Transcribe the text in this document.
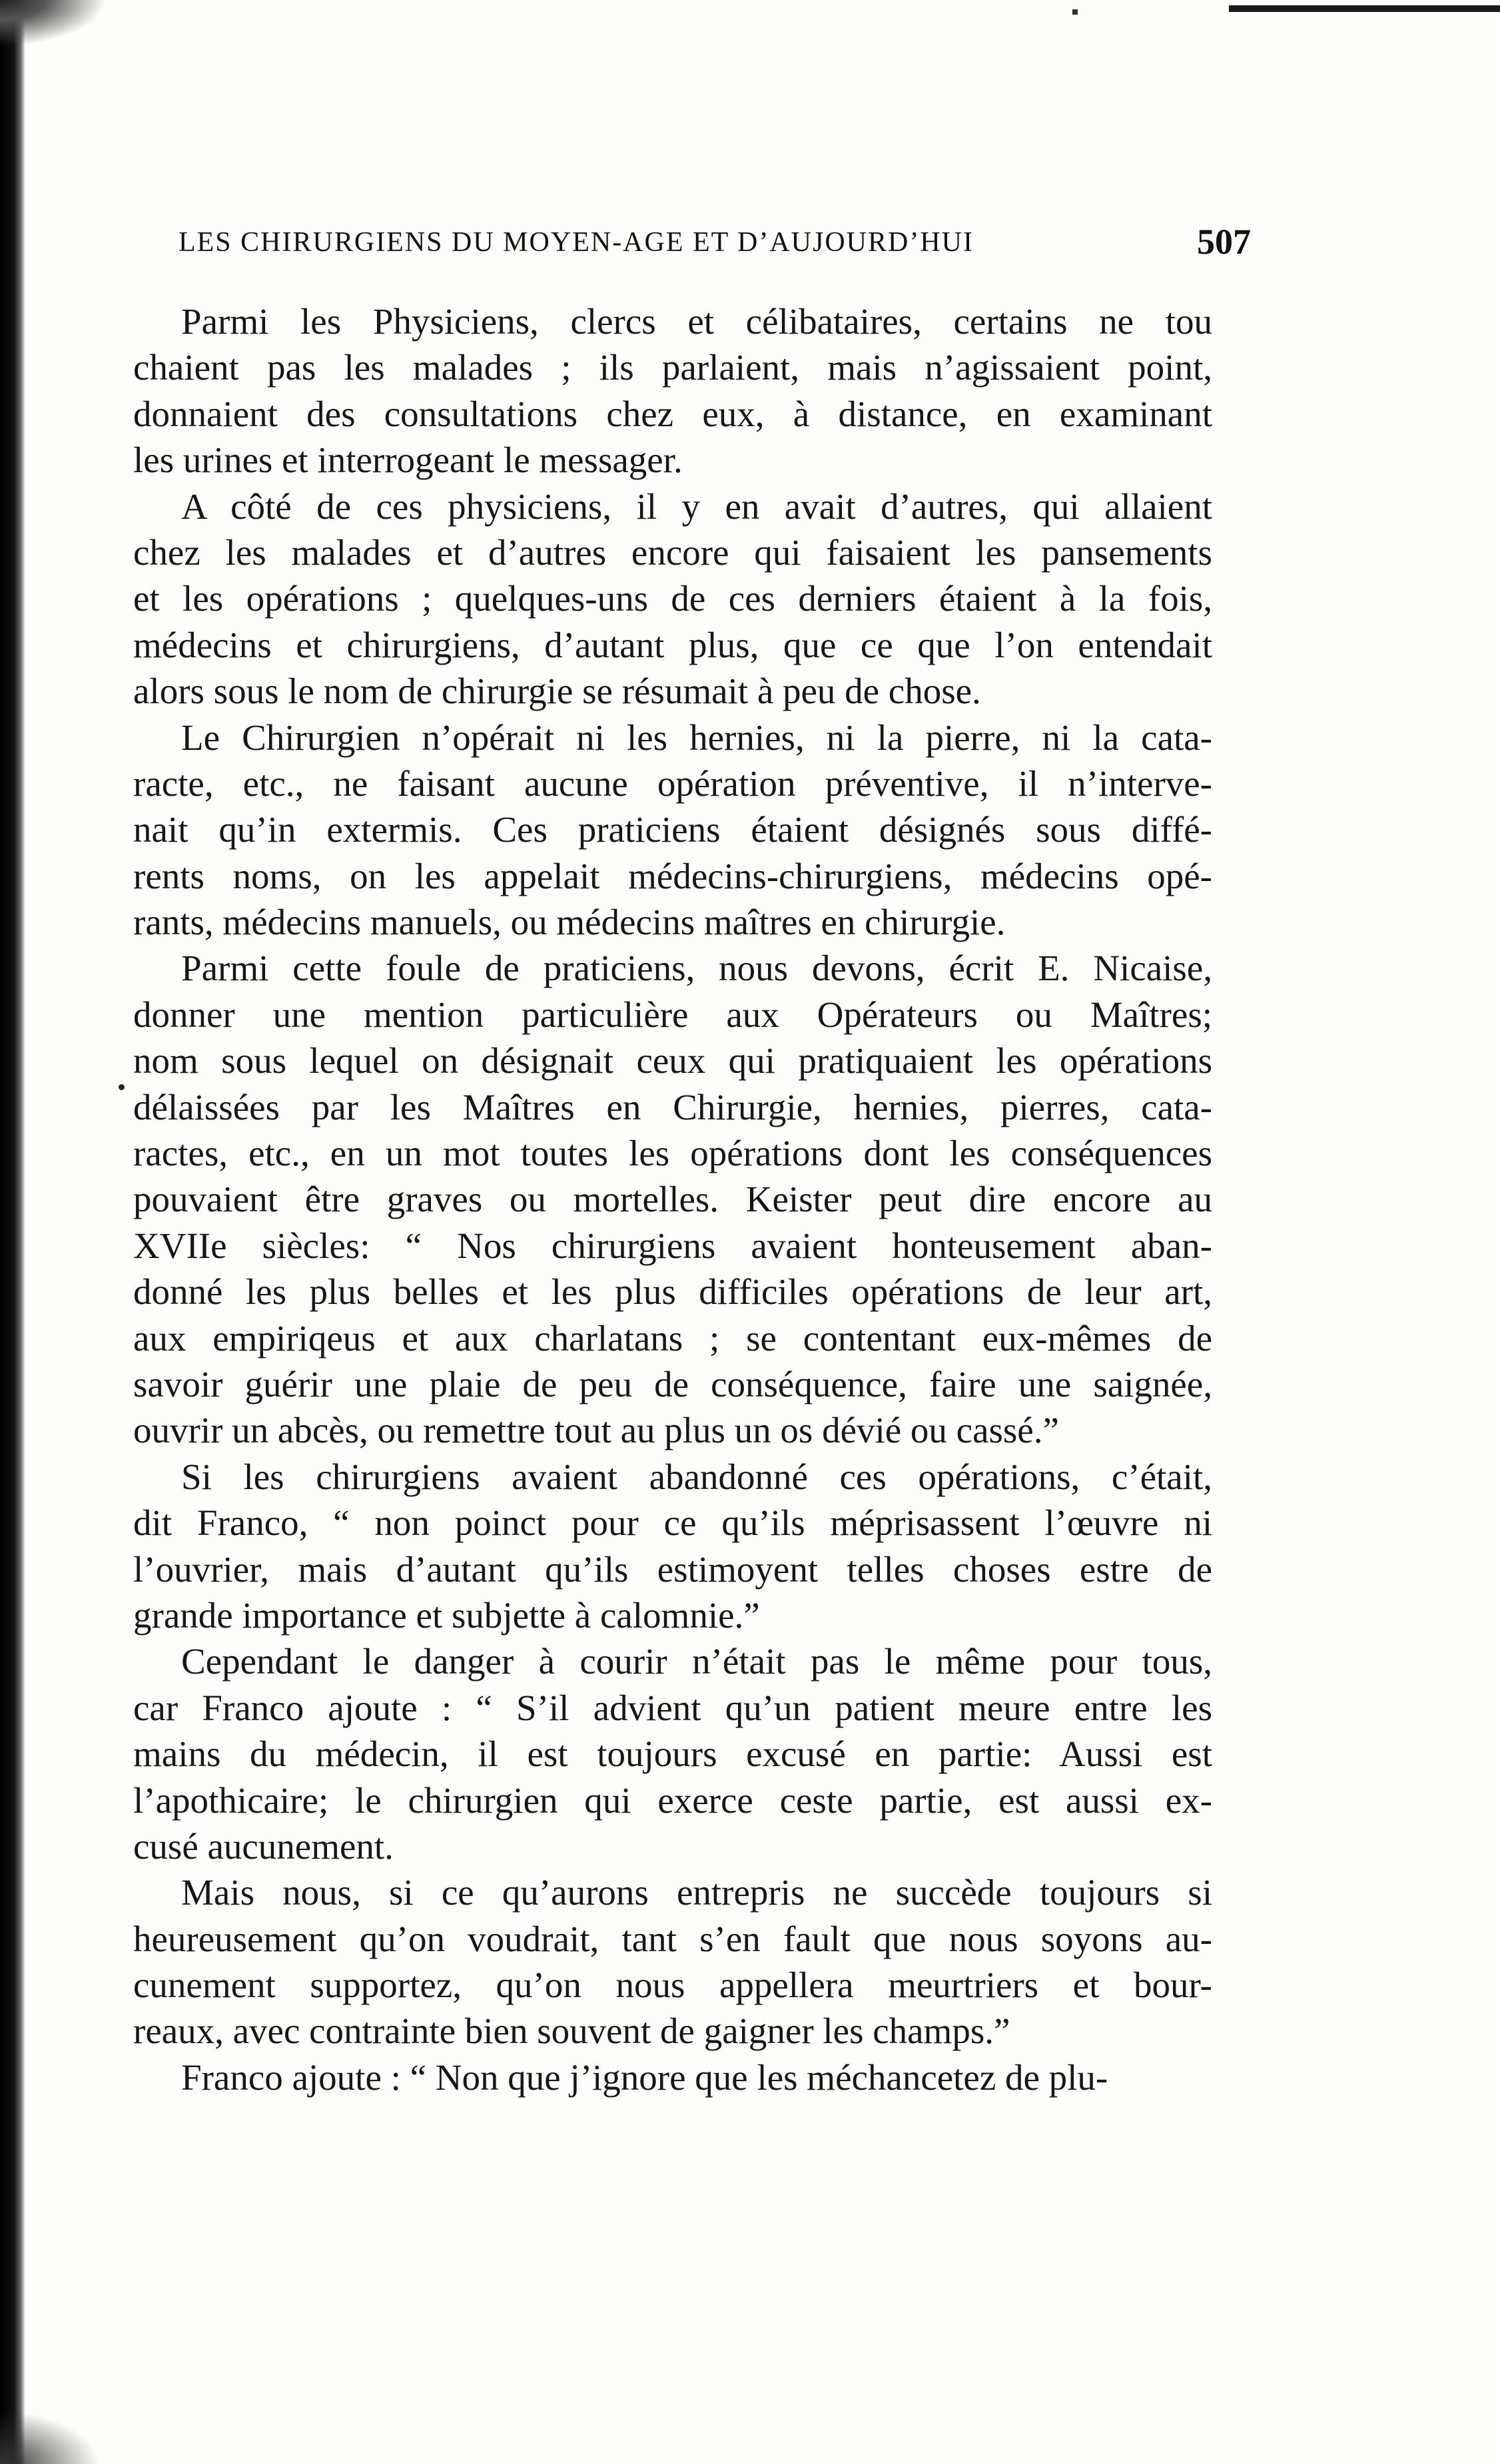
LES CHIRURGIENS DU MOYEN-AGE ET D’AUJOURD’HUI	507
Parmi les Physiciens, clercs et célibataires, certains ne tou
chaient pas les malades ; ils parlaient, mais n’agissaient point,
donnaient des consultations chez eux, à distance, en examinant
les urines et interrogeant le messager.
A côté de ces physiciens, il y en avait d’autres, qui allaient
chez les malades et d’autres encore qui faisaient les pansements
et les opérations ; quelques-uns de ces derniers étaient à la fois,
médecins et chirurgiens, d’autant plus, que ce que l’on entendait
alors sous le nom de chirurgie se résumait à peu de chose.
Le Chirurgien n’opérait ni les hernies, ni la pierre, ni la cata-
racte, etc., ne faisant aucune opération préventive, il n’interve-
nait qu’in extermis. Ces praticiens étaient désignés sous diffé-
rents noms, on les appelait médecins-chirurgiens, médecins opé-
rants, médecins manuels, ou médecins maîtres en chirurgie.
Parmi cette foule de praticiens, nous devons, écrit E. Nicaise,
donner une mention particulière aux Opérateurs ou Maîtres;
nom sous lequel on désignait ceux qui pratiquaient les opérations
délaissées par les Maîtres en Chirurgie, hernies, pierres, cata-
ractes, etc., en un mot toutes les opérations dont les conséquences
pouvaient être graves ou mortelles. Keister peut dire encore au
XVIIe siècles: “ Nos chirurgiens avaient honteusement aban-
donné les plus belles et les plus difficiles opérations de leur art,
aux empiriqeus et aux charlatans ; se contentant eux-mêmes de
savoir guérir une plaie de peu de conséquence, faire une saignée,
ouvrir un abcès, ou remettre tout au plus un os dévié ou cassé.”
Si les chirurgiens avaient abandonné ces opérations, c’était,
dit Franco, “ non poinct pour ce qu’ils méprisassent l’œuvre ni
l’ouvrier, mais d’autant qu’ils estimoyent telles choses estre de
grande importance et subjette à calomnie.”
Cependant le danger à courir n’était pas le même pour tous,
car Franco ajoute : “ S’il advient qu’un patient meure entre les
mains du médecin, il est toujours excusé en partie: Aussi est
l’apothicaire; le chirurgien qui exerce ceste partie, est aussi ex-
cusé aucunement.
Mais nous, si ce qu’aurons entrepris ne succède toujours si
heureusement qu’on voudrait, tant s’en fault que nous soyons au-
cunement supportez, qu’on nous appellera meurtriers et bour-
reaux, avec contrainte bien souvent de gaigner les champs.”
Franco ajoute : “ Non que j’ignore que les méchancetez de plu-
